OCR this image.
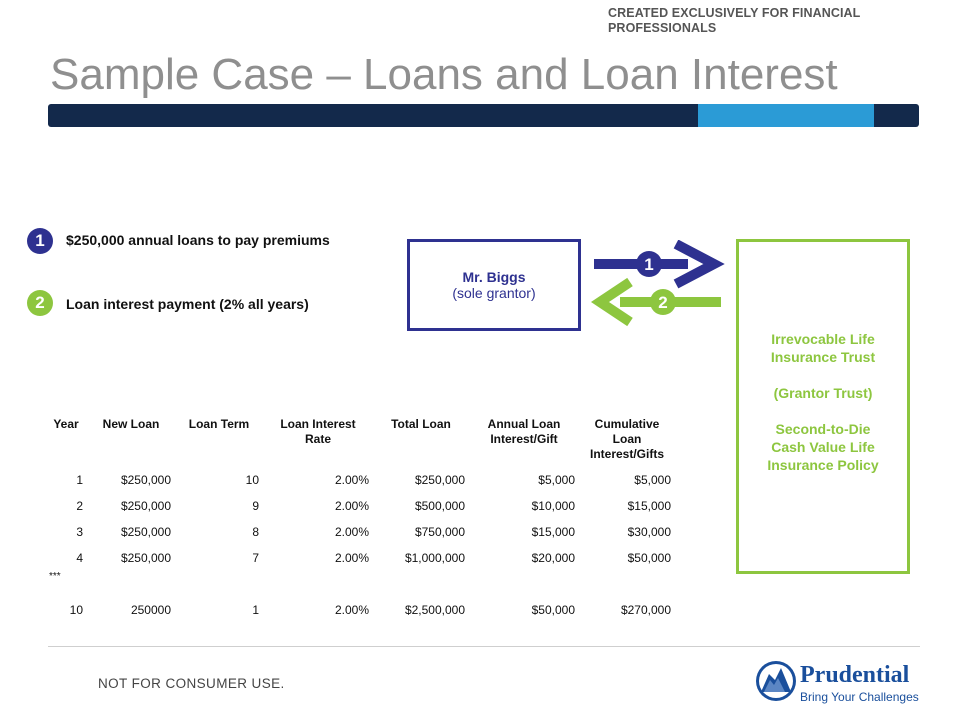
CREATED EXCLUSIVELY FOR FINANCIAL
PROFESSIONALS
Sample Case – Loans and Loan Interest
1	$250,000 annual loans to pay premiums
2	Loan interest payment (2% all years)
Mr. Biggs
(sole grantor)
1
2
Irrevocable Life
Insurance Trust
(Grantor Trust)
Second-to-Die
Cash Value Life
Insurance Policy
Year	New Loan	Loan Term	Loan Interest Rate	Total Loan	Annual Loan Interest/Gift	Cumulative Loan Interest/Gifts
1	$250,000	10	2.00%	$250,000	$5,000	$5,000
2	$250,000	9	2.00%	$500,000	$10,000	$15,000
3	$250,000	8	2.00%	$750,000	$15,000	$30,000
4	$250,000	7	2.00%	$1,000,000	$20,000	$50,000
***						
10	250000	1	2.00%	$2,500,000	$50,000	$270,000
NOT FOR CONSUMER USE.	Prudential
Bring Your Challenges
